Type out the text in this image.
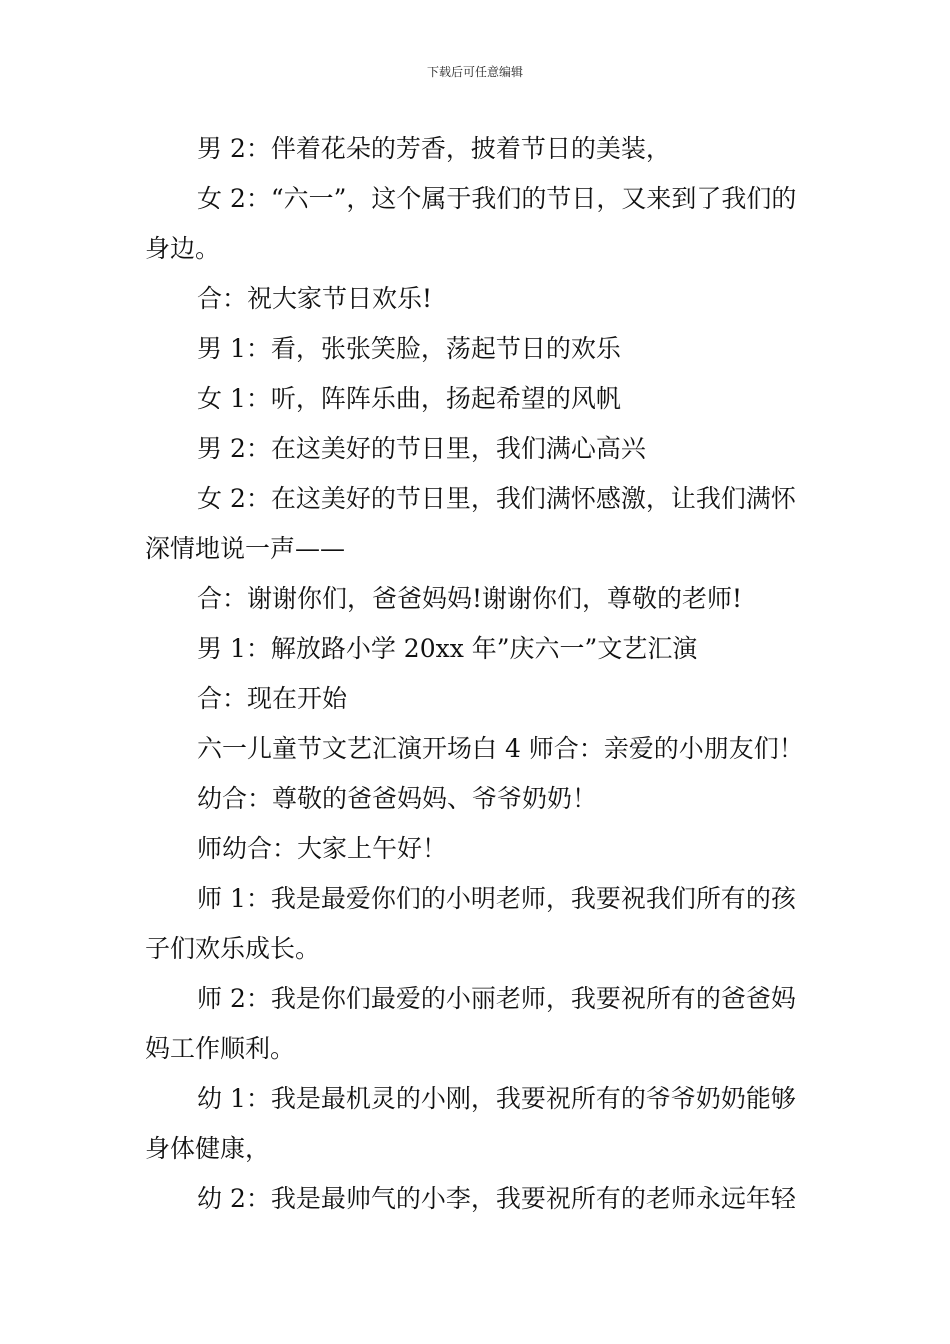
下载后可任意编辑

男 2：伴着花朵的芳香，披着节日的美装，

女 2：“六一”，这个属于我们的节日，又来到了我们的身边。

合：祝大家节日欢乐!

男 1：看，张张笑脸，荡起节日的欢乐

女 1：听，阵阵乐曲，扬起希望的风帆

男 2：在这美好的节日里，我们满心高兴

女 2：在这美好的节日里，我们满怀感激，让我们满怀深情地说一声——

合：谢谢你们，爸爸妈妈!谢谢你们，尊敬的老师!

男 1：解放路小学 20xx 年”庆六一”文艺汇演

合：现在开始

六一儿童节文艺汇演开场白 4 师合：亲爱的小朋友们！

幼合：尊敬的爸爸妈妈、爷爷奶奶！

师幼合：大家上午好！

师 1：我是最爱你们的小明老师，我要祝我们所有的孩子们欢乐成长。

师 2：我是你们最爱的小丽老师，我要祝所有的爸爸妈妈工作顺利。

幼 1：我是最机灵的小刚，我要祝所有的爷爷奶奶能够身体健康，

幼 2：我是最帅气的小李，我要祝所有的老师永远年轻
